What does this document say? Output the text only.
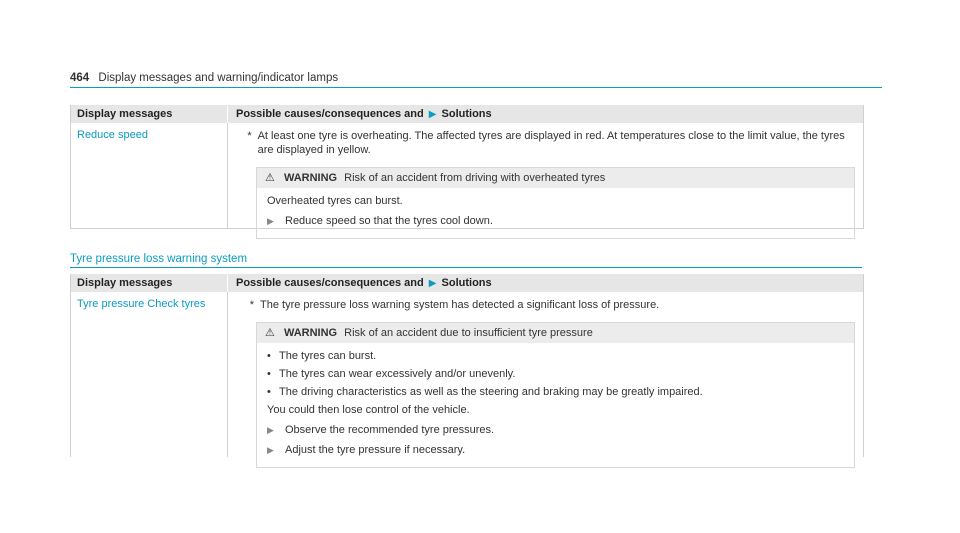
464 Display messages and warning/indicator lamps
Display messages	Possible causes/consequences and ▶ Solutions
Reduce speed	* At least one tyre is overheating. The affected tyres are displayed in red. At temperatures close to the limit value, the tyres are displayed in yellow.
⚠ WARNING Risk of an accident from driving with overheated tyres
Overheated tyres can burst.
▶	Reduce speed so that the tyres cool down.
Tyre pressure loss warning system
Display messages	Possible causes/consequences and ▶ Solutions
Tyre pressure Check tyres	* The tyre pressure loss warning system has detected a significant loss of pressure.
⚠ WARNING Risk of an accident due to insufficient tyre pressure
• The tyres can burst.
• The tyres can wear excessively and/or unevenly.
• The driving characteristics as well as the steering and braking may be greatly impaired.
You could then lose control of the vehicle.
▶	Observe the recommended tyre pressures.
▶	Adjust the tyre pressure if necessary.
